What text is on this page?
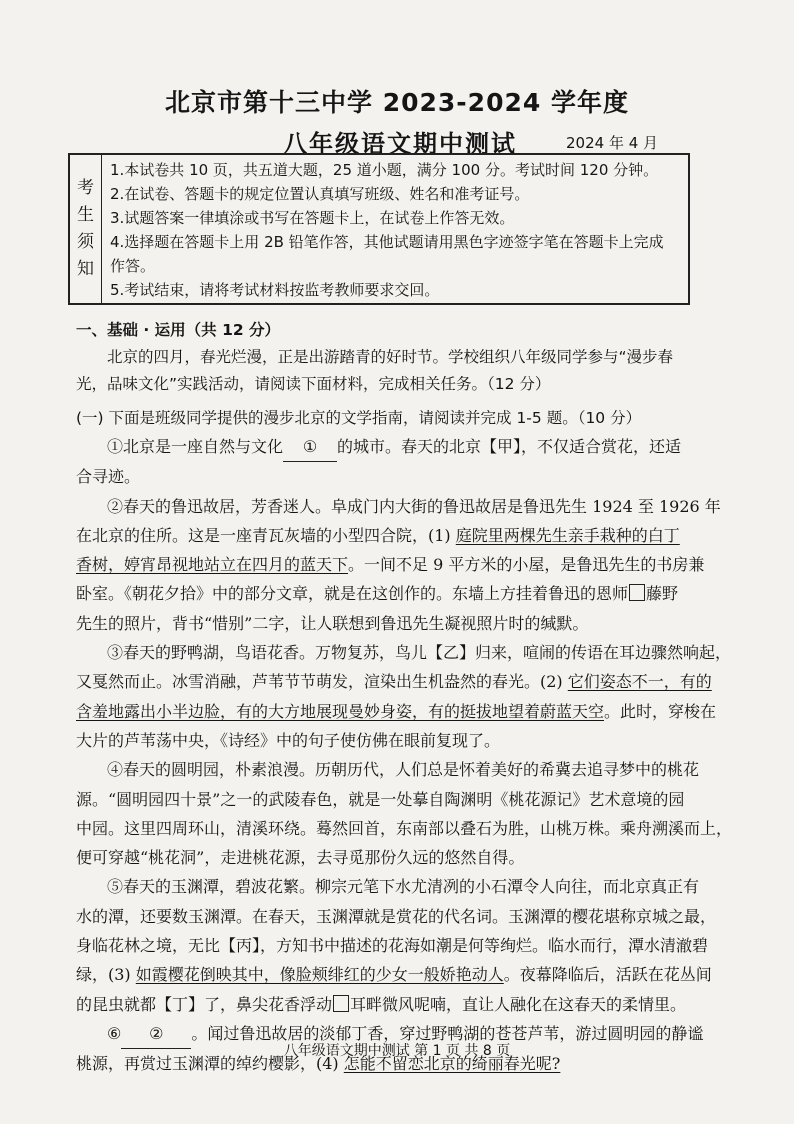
北京市第十三中学 2023-2024 学年度
八年级语文期中测试	2024 年 4 月
考
生
须
知
1.本试卷共 10 页，共五道大题，25 道小题，满分 100 分。考试时间 120 分钟。
2.在试卷、答题卡的规定位置认真填写班级、姓名和准考证号。
3.试题答案一律填涂或书写在答题卡上，在试卷上作答无效。
4.选择题在答题卡上用 2B 铅笔作答，其他试题请用黑色字迹签字笔在答题卡上完成
作答。
5.考试结束，请将考试材料按监考教师要求交回。
一、基础 · 运用（共 12 分）
北京的四月，春光烂漫，正是出游踏青的好时节。学校组织八年级同学参与“漫步春
光，品味文化”实践活动，请阅读下面材料，完成相关任务。（12 分）
(一) 下面是班级同学提供的漫步北京的文学指南，请阅读并完成 1-5 题。（10 分）
①北京是一座自然与文化 ① 的城市。春天的北京【甲】，不仅适合赏花，还适
合寻迹。
②春天的鲁迅故居，芳香迷人。阜成门内大街的鲁迅故居是鲁迅先生 1924 至 1926 年
在北京的住所。这是一座青瓦灰墙的小型四合院，(1) 庭院里两棵先生亲手栽种的白丁
香树，婷宵昂视地站立在四月的蓝天下。一间不足 9 平方米的小屋，是鲁迅先生的书房兼
卧室。《朝花夕拾》中的部分文章，就是在这创作的。东墙上方挂着鲁迅的恩师 藤野
先生的照片，背书“惜别”二字，让人联想到鲁迅先生凝视照片时的缄默。
③春天的野鸭湖，鸟语花香。万物复苏，鸟儿【乙】归来，喧闹的传语在耳边骤然响起，
又戛然而止。冰雪消融，芦苇节节萌发，渲染出生机盎然的春光。(2) 它们姿态不一，有的
含羞地露出小半边脸，有的大方地展现曼妙身姿，有的挺拔地望着蔚蓝天空。此时，穿梭在
大片的芦苇荡中央，《诗经》中的句子使仿佛在眼前复现了。
④春天的圆明园，朴素浪漫。历朝历代，人们总是怀着美好的希冀去追寻梦中的桃花
源。“圆明园四十景”之一的武陵春色，就是一处摹自陶渊明《桃花源记》艺术意境的园
中园。这里四周环山，清溪环绕。蓦然回首，东南部以叠石为胜，山桃万株。乘舟溯溪而上，
便可穿越“桃花洞”，走进桃花源，去寻觅那份久远的悠然自得。
⑤春天的玉渊潭，碧波花繁。柳宗元笔下水尤清冽的小石潭令人向往，而北京真正有
水的潭，还要数玉渊潭。在春天，玉渊潭就是赏花的代名词。玉渊潭的樱花堪称京城之最，
身临花林之境，无比【丙】，方知书中描述的花海如潮是何等绚烂。临水而行，潭水清澈碧
绿，(3) 如霞樱花倒映其中，像脸颊绯红的少女一般娇艳动人。夜幕降临后，活跃在花丛间
的昆虫就都【丁】了，鼻尖花香浮动 耳畔微风呢喃，直让人融化在这春天的柔情里。
⑥ ② 。闻过鲁迅故居的淡郁丁香，穿过野鸭湖的苍苍芦苇，游过圆明园的静谧
桃源，再赏过玉渊潭的绰约樱影，(4) 怎能不留恋北京的绮丽春光呢?
八年级语文期中测试 第 1 页 共 8 页
